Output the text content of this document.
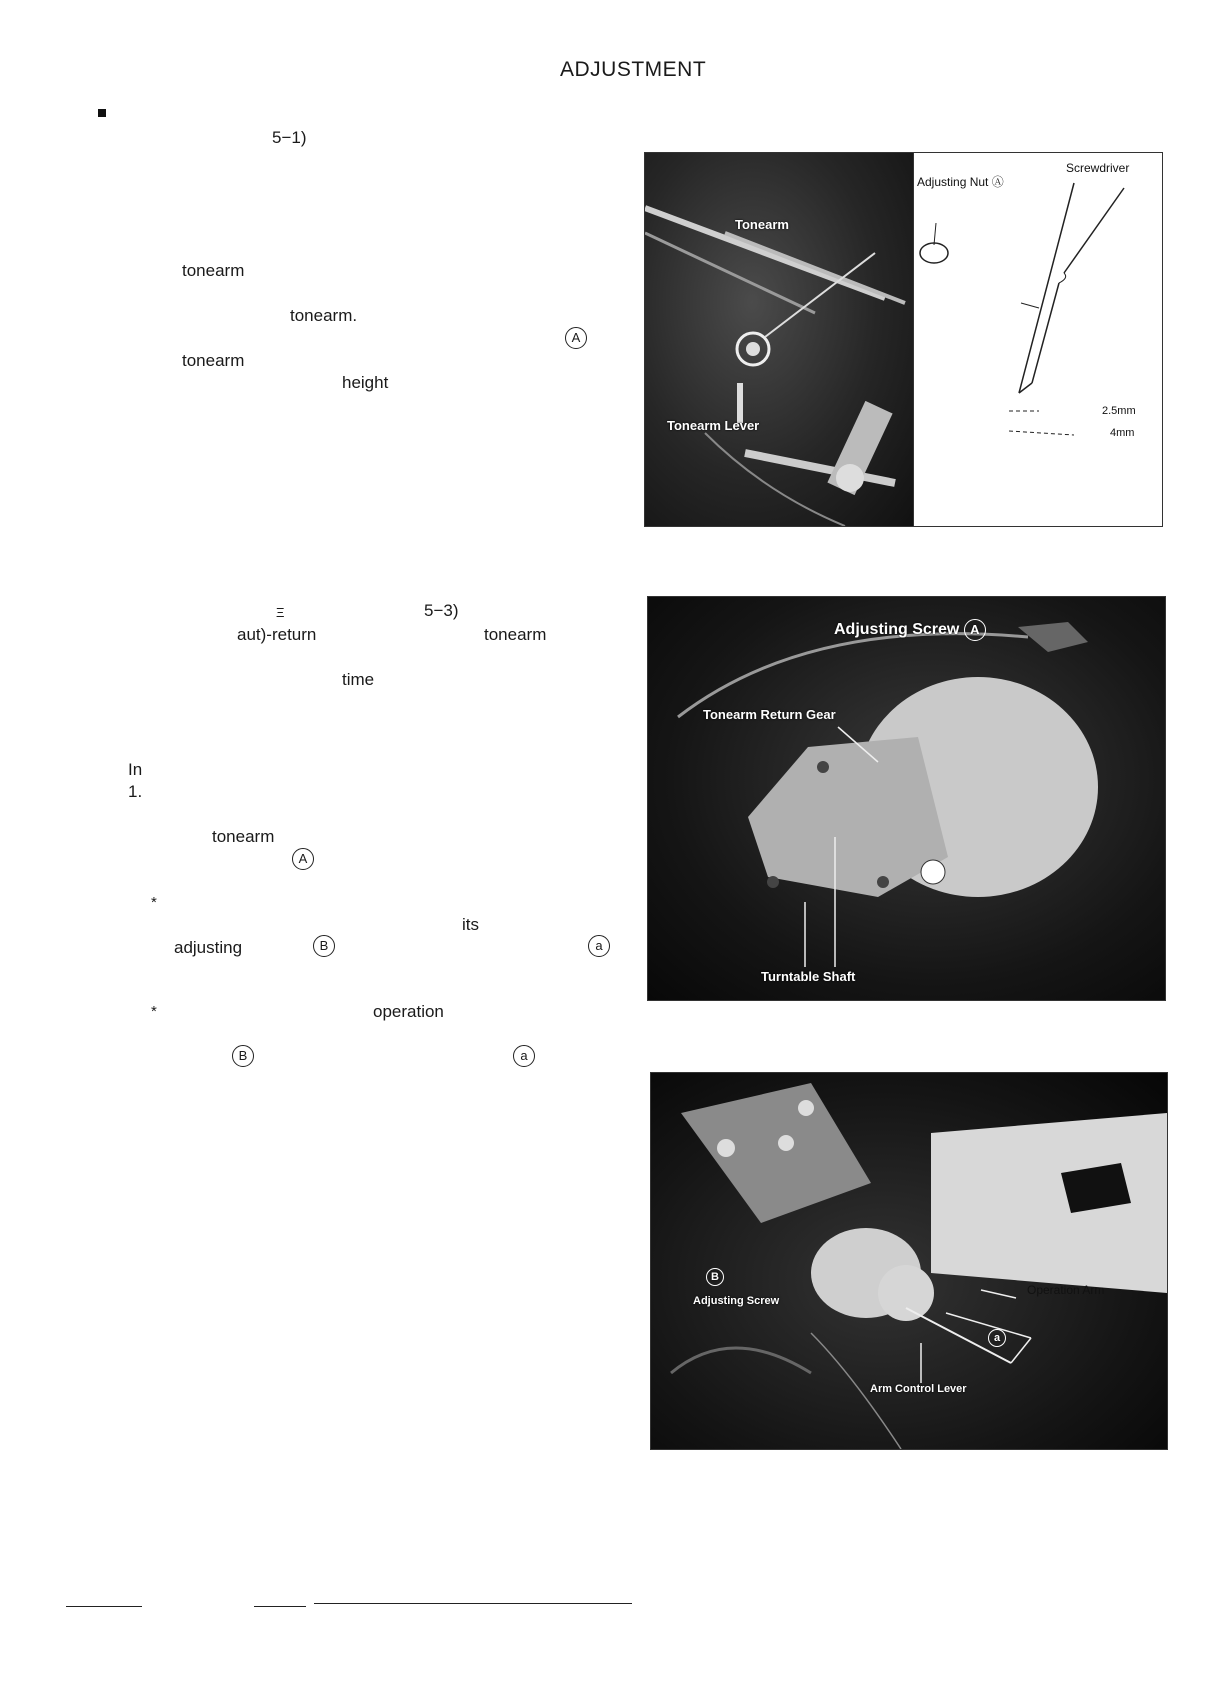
ADJUSTMENT
5−1)
tonearm
tonearm.
A
tonearm
height
Ξ	5−3)
aut)-return	tonearm
time
In
1.
tonearm
A
*
its
adjusting	B	a
*	operation
B	a
Tonearm
Tonearm Lever
Adjusting Nut Ⓐ
Screwdriver
2.5mm
4mm
Adjusting Screw A
Tonearm Return Gear
Turntable Shaft
B
Adjusting Screw
Operation Arm
Arm Control Lever
a
